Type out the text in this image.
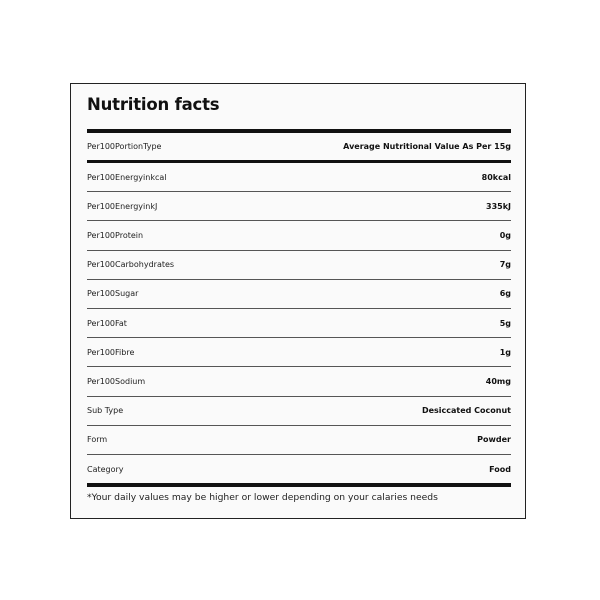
Nutrition facts
Per100PortionType	Average Nutritional Value As Per 15g
Per100Energyinkcal	80kcal
Per100EnergyinkJ	335kJ
Per100Protein	0g
Per100Carbohydrates	7g
Per100Sugar	6g
Per100Fat	5g
Per100Fibre	1g
Per100Sodium	40mg
Sub Type	Desiccated Coconut
Form	Powder
Category	Food
*Your daily values may be higher or lower depending on your calaries needs
